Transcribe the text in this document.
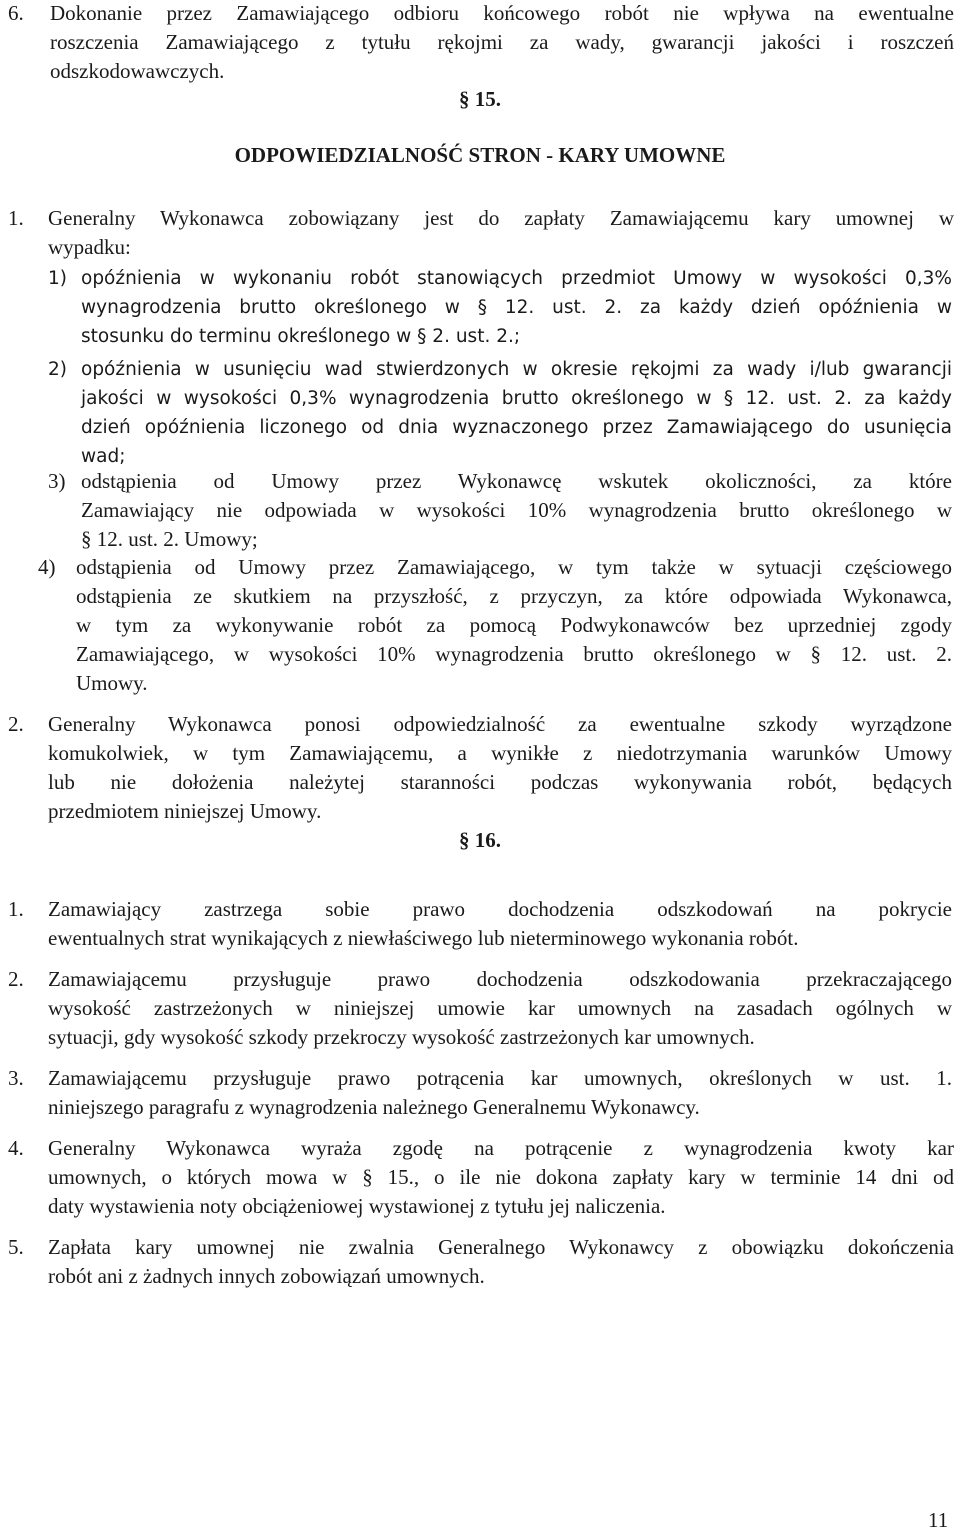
6. Dokonanie przez Zamawiającego odbioru końcowego robót nie wpływa na ewentualne
roszczenia Zamawiającego z tytułu rękojmi za wady, gwarancji jakości i roszczeń
odszkodowawczych.
§ 15.
ODPOWIEDZIALNOŚĆ STRON - KARY UMOWNE
1. Generalny Wykonawca zobowiązany jest do zapłaty Zamawiającemu kary umownej w
wypadku:
1) opóźnienia w wykonaniu robót stanowiących przedmiot Umowy w wysokości 0,3%
wynagrodzenia brutto określonego w § 12. ust. 2. za każdy dzień opóźnienia w
stosunku do terminu określonego w § 2. ust. 2.;
2) opóźnienia w usunięciu wad stwierdzonych w okresie rękojmi za wady i/lub gwarancji
jakości w wysokości 0,3% wynagrodzenia brutto określonego w § 12. ust. 2. za każdy
dzień opóźnienia liczonego od dnia wyznaczonego przez Zamawiającego do usunięcia
wad;
3) odstąpienia od Umowy przez Wykonawcę wskutek okoliczności, za które
Zamawiający nie odpowiada w wysokości 10% wynagrodzenia brutto określonego w
§ 12. ust. 2. Umowy;
4) odstąpienia od Umowy przez Zamawiającego, w tym także w sytuacji częściowego
odstąpienia ze skutkiem na przyszłość, z przyczyn, za które odpowiada Wykonawca,
w tym za wykonywanie robót za pomocą Podwykonawców bez uprzedniej zgody
Zamawiającego, w wysokości 10% wynagrodzenia brutto określonego w § 12. ust. 2.
Umowy.
2. Generalny Wykonawca ponosi odpowiedzialność za ewentualne szkody wyrządzone
komukolwiek, w tym Zamawiającemu, a wynikłe z niedotrzymania warunków Umowy
lub nie dołożenia należytej staranności podczas wykonywania robót, będących
przedmiotem niniejszej Umowy.
§ 16.
1. Zamawiający zastrzega sobie prawo dochodzenia odszkodowań na pokrycie
ewentualnych strat wynikających z niewłaściwego lub nieterminowego wykonania robót.
2. Zamawiającemu przysługuje prawo dochodzenia odszkodowania przekraczającego
wysokość zastrzeżonych w niniejszej umowie kar umownych na zasadach ogólnych w
sytuacji, gdy wysokość szkody przekroczy wysokość zastrzeżonych kar umownych.
3. Zamawiającemu przysługuje prawo potrącenia kar umownych, określonych w ust. 1.
niniejszego paragrafu z wynagrodzenia należnego Generalnemu Wykonawcy.
4. Generalny Wykonawca wyraża zgodę na potrącenie z wynagrodzenia kwoty kar
umownych, o których mowa w § 15., o ile nie dokona zapłaty kary w terminie 14 dni od
daty wystawienia noty obciążeniowej wystawionej z tytułu jej naliczenia.
5. Zapłata kary umownej nie zwalnia Generalnego Wykonawcy z obowiązku dokończenia
robót ani z żadnych innych zobowiązań umownych.
11
